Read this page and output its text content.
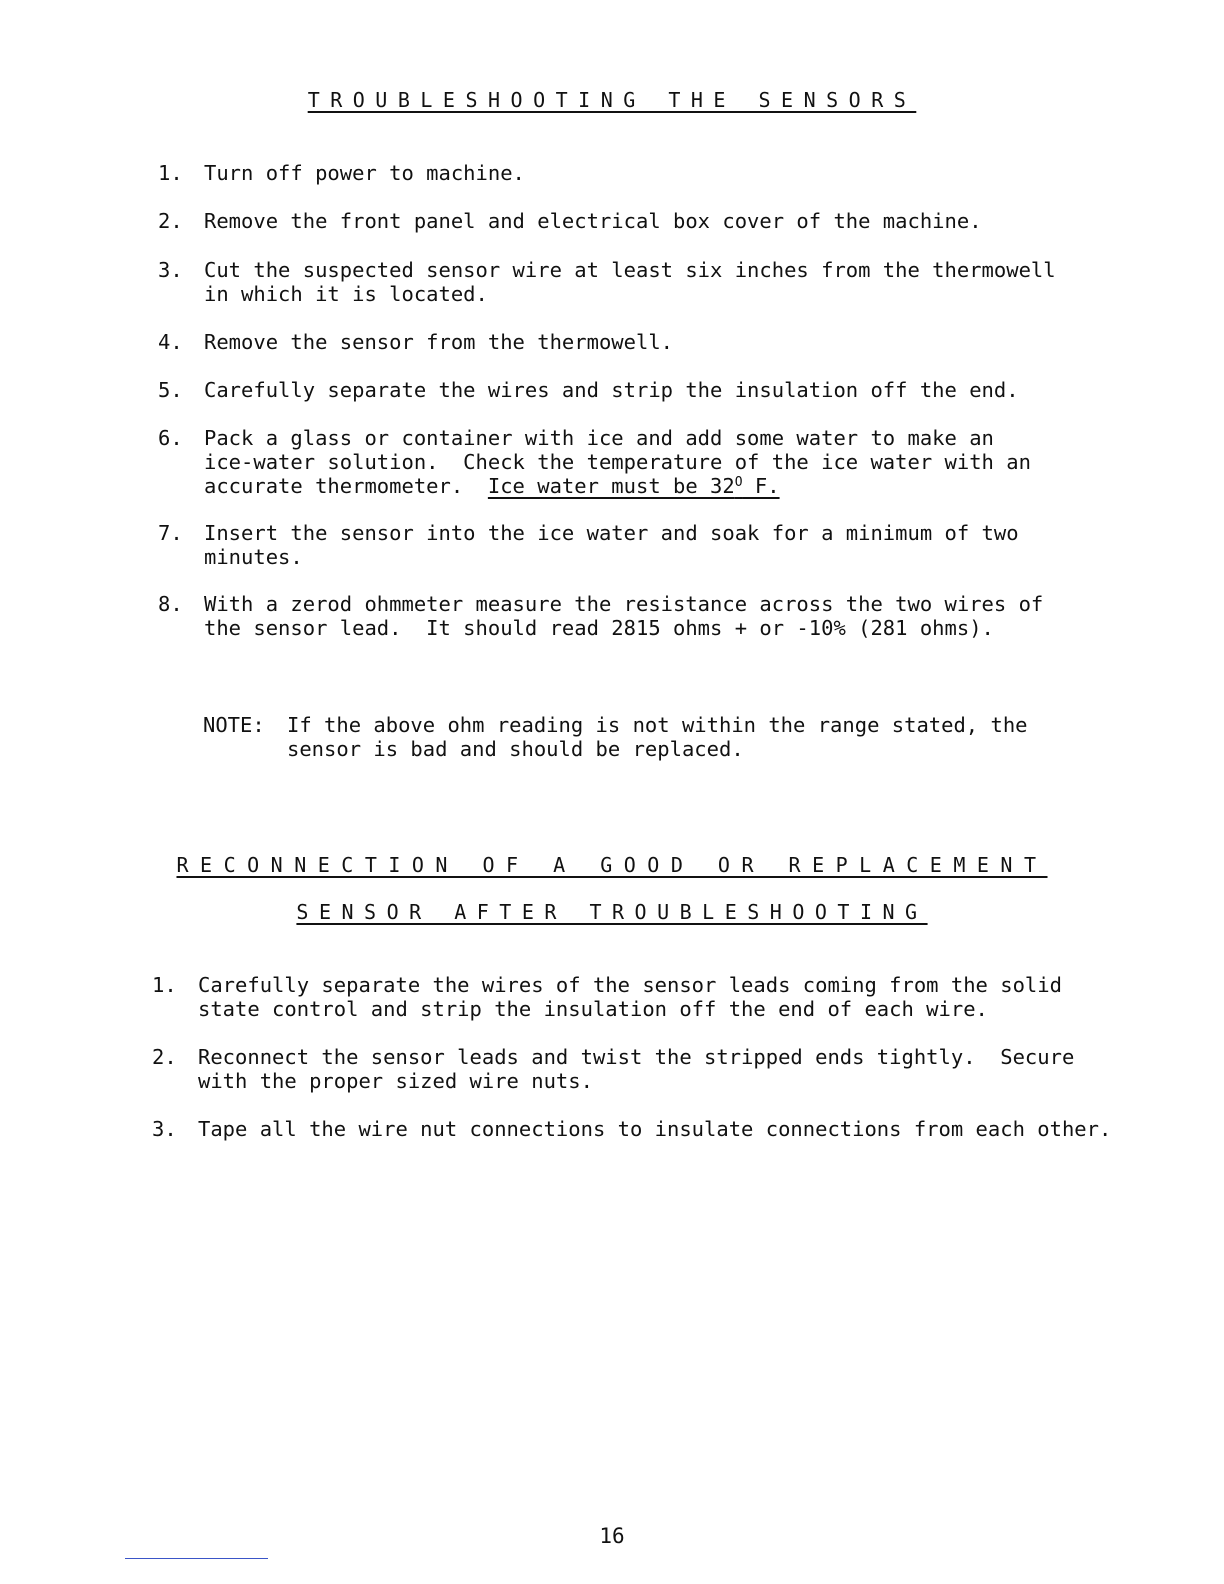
TROUBLESHOOTING THE SENSORS
1. Turn off power to machine.
2. Remove the front panel and electrical box cover of the machine.
3. Cut the suspected sensor wire at least six inches from the thermowell
in which it is located.
4. Remove the sensor from the thermowell.
5. Carefully separate the wires and strip the insulation off the end.
6. Pack a glass or container with ice and add some water to make an
ice-water solution.  Check the temperature of the ice water with an
accurate thermometer.  Ice water must be $32^O$ F.
7. Insert the sensor into the ice water and soak for a minimum of two
minutes.
8. With a zerod ohmmeter measure the resistance across the two wires of
the sensor lead.  It should read 2815 ohms + or -10% (281 ohms).
NOTE: If the above ohm reading is not within the range stated, the
sensor is bad and should be replaced.
RECONNECTION OF A GOOD OR REPLACEMENT
SENSOR AFTER TROUBLESHOOTING
1. Carefully separate the wires of the sensor leads coming from the solid
state control and strip the insulation off the end of each wire.
2. Reconnect the sensor leads and twist the stripped ends tightly.  Secure
with the proper sized wire nuts.
3. Tape all the wire nut connections to insulate connections from each other.
16
